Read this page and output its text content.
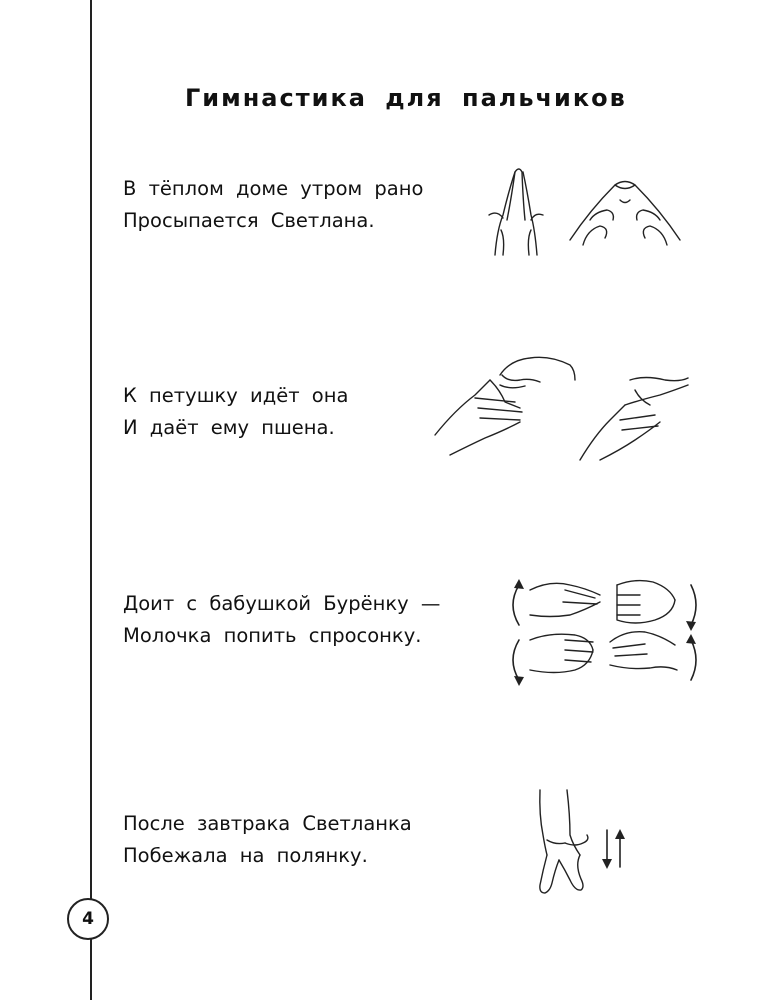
Гимнастика для пальчиков
В тёплом доме утром рано
Просыпается Светлана.
К петушку идёт она
И даёт ему пшена.
Доит с бабушкой Бурёнку —
Молочка попить спросонку.
После завтрака Светланка
Побежала на полянку.
4
